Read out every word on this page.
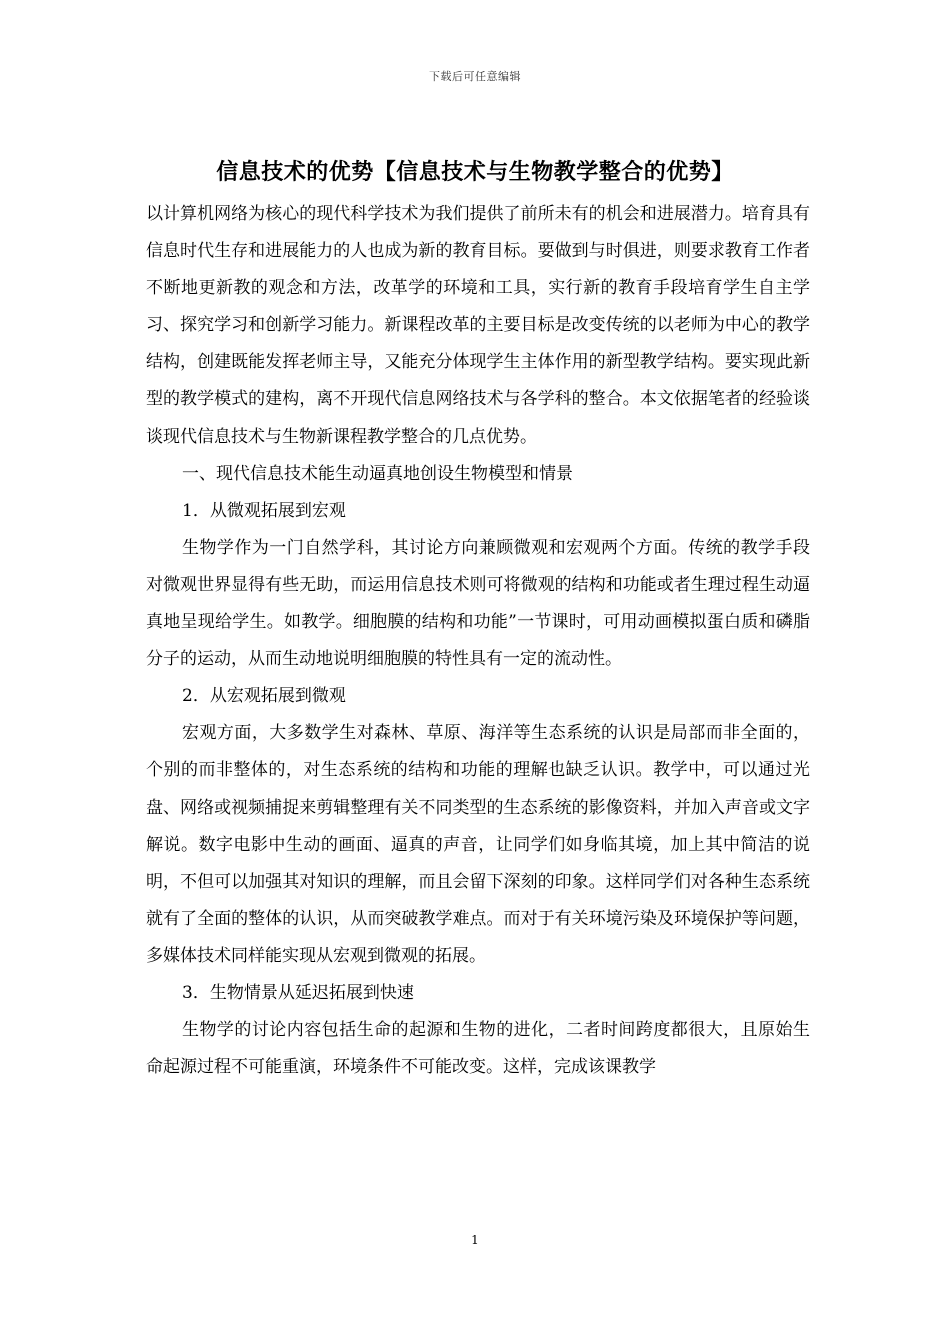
下载后可任意编辑
信息技术的优势【信息技术与生物教学整合的优势】

以计算机网络为核心的现代科学技术为我们提供了前所未有的机会和进展潜力。培育具有信息时代生存和进展能力的人也成为新的教育目标。要做到与时俱进，则要求教育工作者不断地更新教的观念和方法，改革学的环境和工具，实行新的教育手段培育学生自主学习、探究学习和创新学习能力。新课程改革的主要目标是改变传统的以老师为中心的教学结构，创建既能发挥老师主导，又能充分体现学生主体作用的新型教学结构。要实现此新型的教学模式的建构，离不开现代信息网络技术与各学科的整合。本文依据笔者的经验谈谈现代信息技术与生物新课程教学整合的几点优势。

一、现代信息技术能生动逼真地创设生物模型和情景

1．从微观拓展到宏观

生物学作为一门自然学科，其讨论方向兼顾微观和宏观两个方面。传统的教学手段对微观世界显得有些无助，而运用信息技术则可将微观的结构和功能或者生理过程生动逼真地呈现给学生。如教学。细胞膜的结构和功能”一节课时，可用动画模拟蛋白质和磷脂分子的运动，从而生动地说明细胞膜的特性具有一定的流动性。

2．从宏观拓展到微观

宏观方面，大多数学生对森林、草原、海洋等生态系统的认识是局部而非全面的，个别的而非整体的，对生态系统的结构和功能的理解也缺乏认识。教学中，可以通过光盘、网络或视频捕捉来剪辑整理有关不同类型的生态系统的影像资料，并加入声音或文字解说。数字电影中生动的画面、逼真的声音，让同学们如身临其境，加上其中简洁的说明，不但可以加强其对知识的理解，而且会留下深刻的印象。这样同学们对各种生态系统就有了全面的整体的认识，从而突破教学难点。而对于有关环境污染及环境保护等问题，多媒体技术同样能实现从宏观到微观的拓展。

3．生物情景从延迟拓展到快速

生物学的讨论内容包括生命的起源和生物的进化，二者时间跨度都很大，且原始生命起源过程不可能重演，环境条件不可能改变。这样，完成该课教学

1
